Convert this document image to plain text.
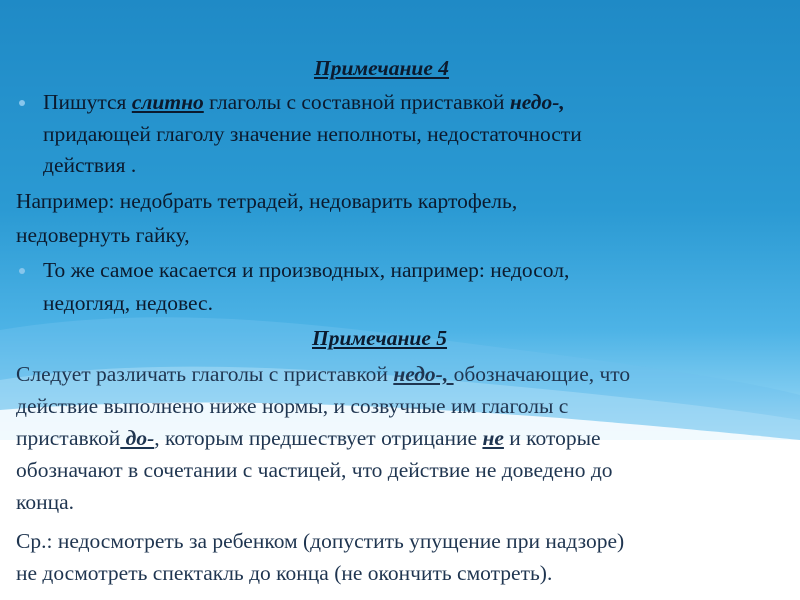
Примечание 4
Пишутся слитно глаголы с составной приставкой недо-,
придающей глаголу значение неполноты, недостаточности
действия .
Например: недобрать тетрадей, недоварить картофель,
недовернуть гайку,
То же самое касается и производных, например: недосол,
недогляд, недовес.
Примечание 5
Следует различать глаголы с приставкой недо-, обозначающие, что
действие выполнено ниже нормы, и созвучные им глаголы с
приставкой до-, которым предшествует отрицание не и которые
обозначают в сочетании с частицей, что действие не доведено до
конца.
Ср.: недосмотреть за ребенком (допустить упущение при надзоре)
не досмотреть спектакль до конца (не окончить смотреть).
